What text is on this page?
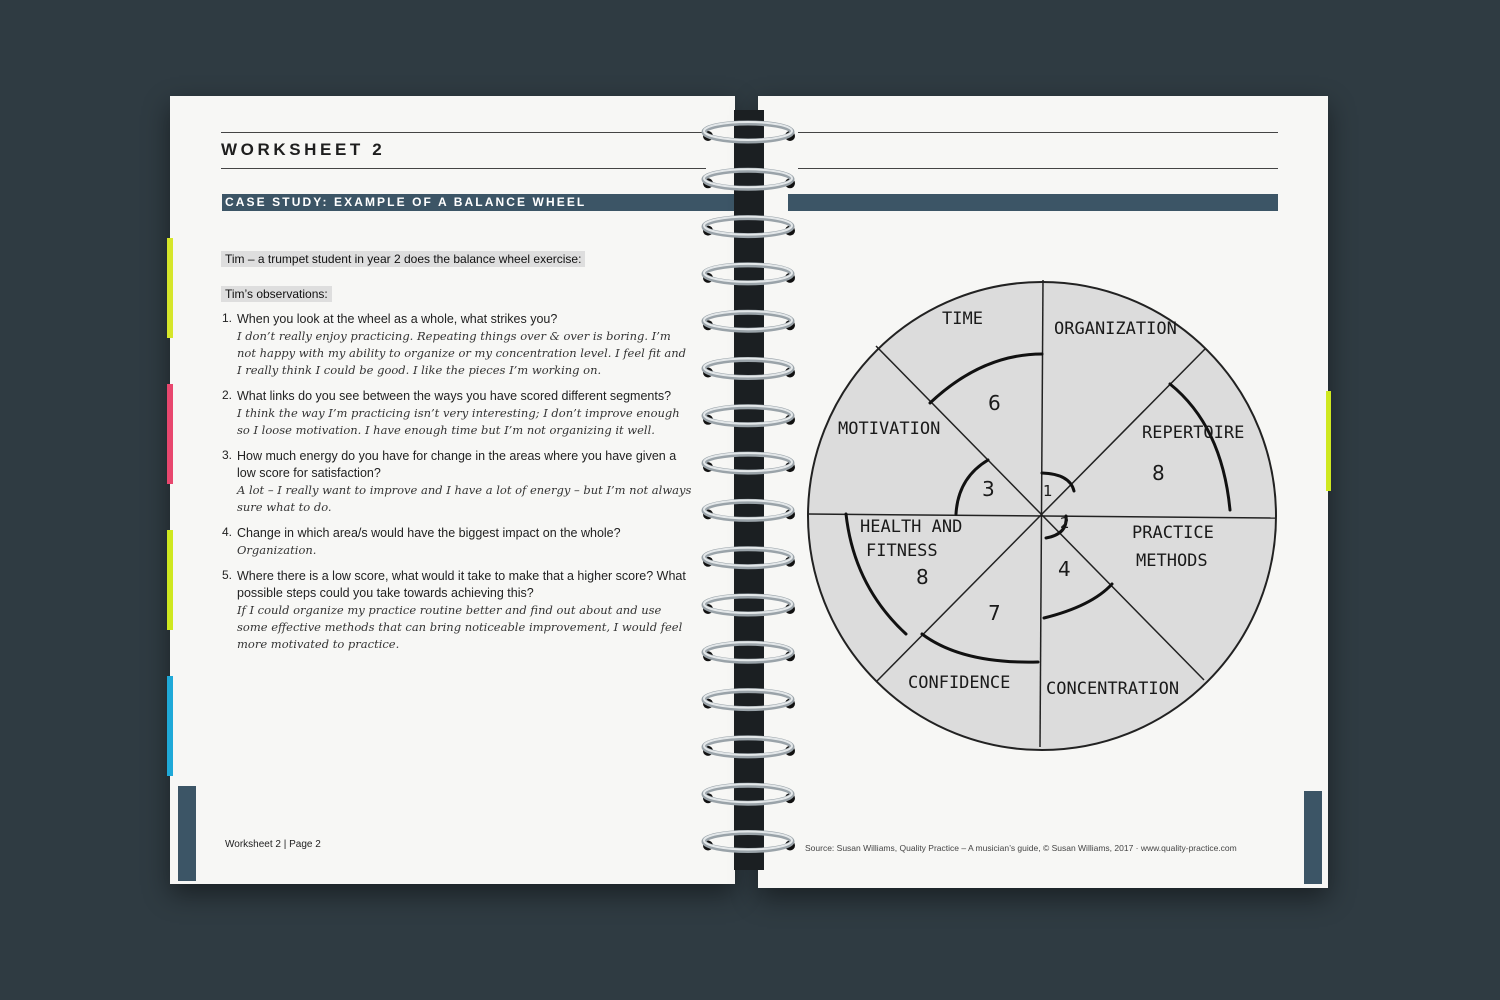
WORKSHEET 2
CASE STUDY: EXAMPLE OF A BALANCE WHEEL
Tim – a trumpet student in year 2 does the balance wheel exercise:
Tim’s observations:
1. When you look at the wheel as a whole, what strikes you?
I don’t really enjoy practicing. Repeating things over & over is boring. I’m not happy with my ability to organize or my concentration level. I feel fit and I really think I could be good. I like the pieces I’m working on.
2. What links do you see between the ways you have scored different segments?
I think the way I’m practicing isn’t very interesting; I don’t improve enough so I loose motivation. I have enough time but I’m not organizing it well.
3. How much energy do you have for change in the areas where you have given a low score for satisfaction?
A lot – I really want to improve and I have a lot of energy – but I’m not always sure what to do.
4. Change in which area/s would have the biggest impact on the whole?
Organization.
5. Where there is a low score, what would it take to make that a higher score? What possible steps could you take towards achieving this?
If I could organize my practice routine better and find out about and use some effective methods that can bring noticeable improvement, I would feel more motivated to practice.
Worksheet 2 | Page 2
TIME	ORGANIZATION
REPERTOIRE
PRACTICE
METHODS
CONCENTRATION
CONFIDENCE
HEALTH AND
FITNESS
MOTIVATION
6
1
8
2
4
7
8
3
Source: Susan Williams, Quality Practice – A musician’s guide, © Susan Williams, 2017 · www.quality-practice.com
